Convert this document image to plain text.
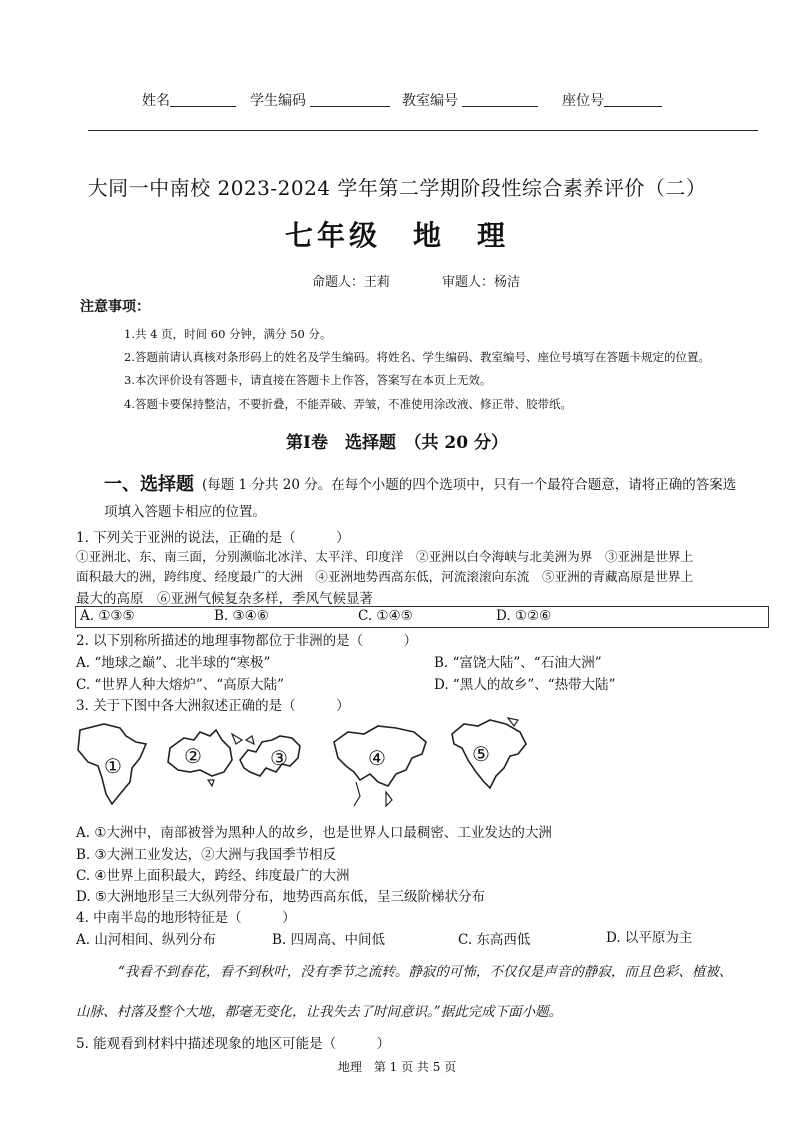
姓名	学生编码	教室编号	座位号
大同一中南校 2023-2024 学年第二学期阶段性综合素养评价（二）
七年级　地　理
命题人：王莉	审题人：杨洁
注意事项：
1.共 4 页，时间 60 分钟，满分 50 分。
2.答题前请认真核对条形码上的姓名及学生编码。将姓名、学生编码、教室编号、座位号填写在答题卡规定的位置。
3.本次评价设有答题卡，请直接在答题卡上作答，答案写在本页上无效。
4.答题卡要保持整洁，不要折叠，不能弄破、弄皱，不准使用涂改液、修正带、胶带纸。
第Ⅰ卷　选择题　（共 20 分）
一、选择题 (每题 1 分共 20 分。在每个小题的四个选项中，只有一个最符合题意，请将正确的答案选
项填入答题卡相应的位置。
1. 下列关于亚洲的说法，正确的是（　　　）
①亚洲北、东、南三面，分别濒临北冰洋、太平洋、印度洋　②亚洲以白令海峡与北美洲为界　③亚洲是世界上
面积最大的洲，跨纬度、经度最广的大洲　④亚洲地势西高东低，河流滚滚向东流　⑤亚洲的青藏高原是世界上
最大的高原　⑥亚洲气候复杂多样，季风气候显著
A. ①③⑤	B. ③④⑥	C. ①④⑤	D. ①②⑥
2. 以下别称所描述的地理事物都位于非洲的是（　　　）
A. “地球之巅”、北半球的“寒极”	B. “富饶大陆”、“石油大洲”
C. “世界人种大熔炉”、“高原大陆”	D. “黑人的故乡”、“热带大陆”
3. 关于下图中各大洲叙述正确的是（　　　）
①	②	③	④	⑤
A. ①大洲中，南部被誉为黑种人的故乡，也是世界人口最稠密、工业发达的大洲
B. ③大洲工业发达，②大洲与我国季节相反
C. ④世界上面积最大，跨经、纬度最广的大洲
D. ⑤大洲地形呈三大纵列带分布，地势西高东低，呈三级阶梯状分布
4. 中南半岛的地形特征是（　　　）
A. 山河相间、纵列分布	B. 四周高、中间低	C. 东高西低	D. 以平原为主
“我看不到春花，看不到秋叶，没有季节之流转。静寂的可怖，不仅仅是声音的静寂，而且色彩、植被、
山脉、村落及整个大地，都毫无变化，让我失去了时间意识。”据此完成下面小题。
5. 能观看到材料中描述现象的地区可能是（　　　）
地理　第 1 页 共 5 页
